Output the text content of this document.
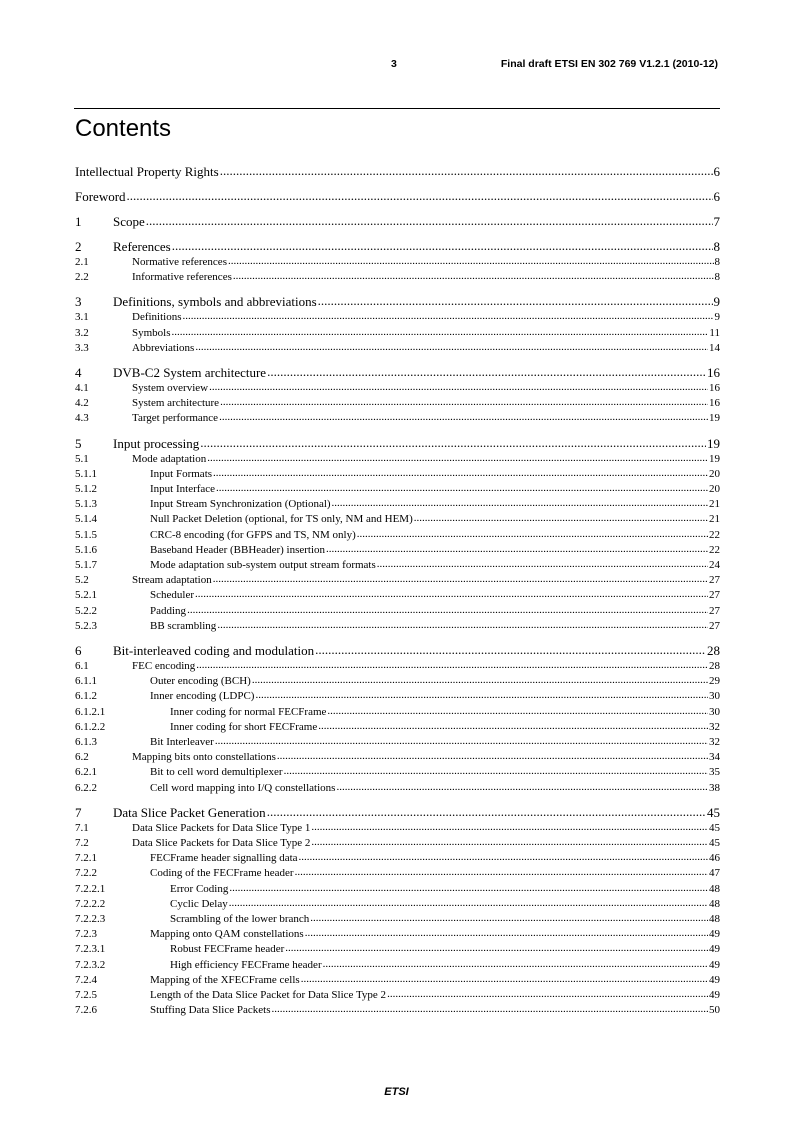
3	Final draft ETSI EN 302 769 V1.2.1 (2010-12)
Contents
Intellectual Property Rights .....	6
Foreword .....	6
1	Scope .....	7
2	References .....	8
2.1	Normative references .....	8
2.2	Informative references .....	8
3	Definitions, symbols and abbreviations .....	9
3.1	Definitions .....	9
3.2	Symbols .....	11
3.3	Abbreviations .....	14
4	DVB-C2 System architecture .....	16
4.1	System overview .....	16
4.2	System architecture .....	16
4.3	Target performance .....	19
5	Input processing .....	19
5.1	Mode adaptation .....	19
5.1.1	Input Formats .....	20
5.1.2	Input Interface .....	20
5.1.3	Input Stream Synchronization (Optional) .....	21
5.1.4	Null Packet Deletion (optional, for TS only, NM and HEM) .....	21
5.1.5	CRC-8 encoding (for GFPS and TS, NM only) .....	22
5.1.6	Baseband Header (BBHeader) insertion .....	22
5.1.7	Mode adaptation sub-system output stream formats .....	24
5.2	Stream adaptation .....	27
5.2.1	Scheduler .....	27
5.2.2	Padding .....	27
5.2.3	BB scrambling .....	27
6	Bit-interleaved coding and modulation .....	28
6.1	FEC encoding .....	28
6.1.1	Outer encoding (BCH) .....	29
6.1.2	Inner encoding (LDPC) .....	30
6.1.2.1	Inner coding for normal FECFrame .....	30
6.1.2.2	Inner coding for short FECFrame .....	32
6.1.3	Bit Interleaver .....	32
6.2	Mapping bits onto constellations .....	34
6.2.1	Bit to cell word demultiplexer .....	35
6.2.2	Cell word mapping into I/Q constellations .....	38
7	Data Slice Packet Generation .....	45
7.1	Data Slice Packets for Data Slice Type 1 .....	45
7.2	Data Slice Packets for Data Slice Type 2 .....	45
7.2.1	FECFrame header signalling data .....	46
7.2.2	Coding of the FECFrame header .....	47
7.2.2.1	Error Coding .....	48
7.2.2.2	Cyclic Delay .....	48
7.2.2.3	Scrambling of the lower branch .....	48
7.2.3	Mapping onto QAM constellations .....	49
7.2.3.1	Robust FECFrame header .....	49
7.2.3.2	High efficiency FECFrame header .....	49
7.2.4	Mapping of the XFECFrame cells .....	49
7.2.5	Length of the Data Slice Packet for Data Slice Type 2 .....	49
7.2.6	Stuffing Data Slice Packets .....	50
ETSI
